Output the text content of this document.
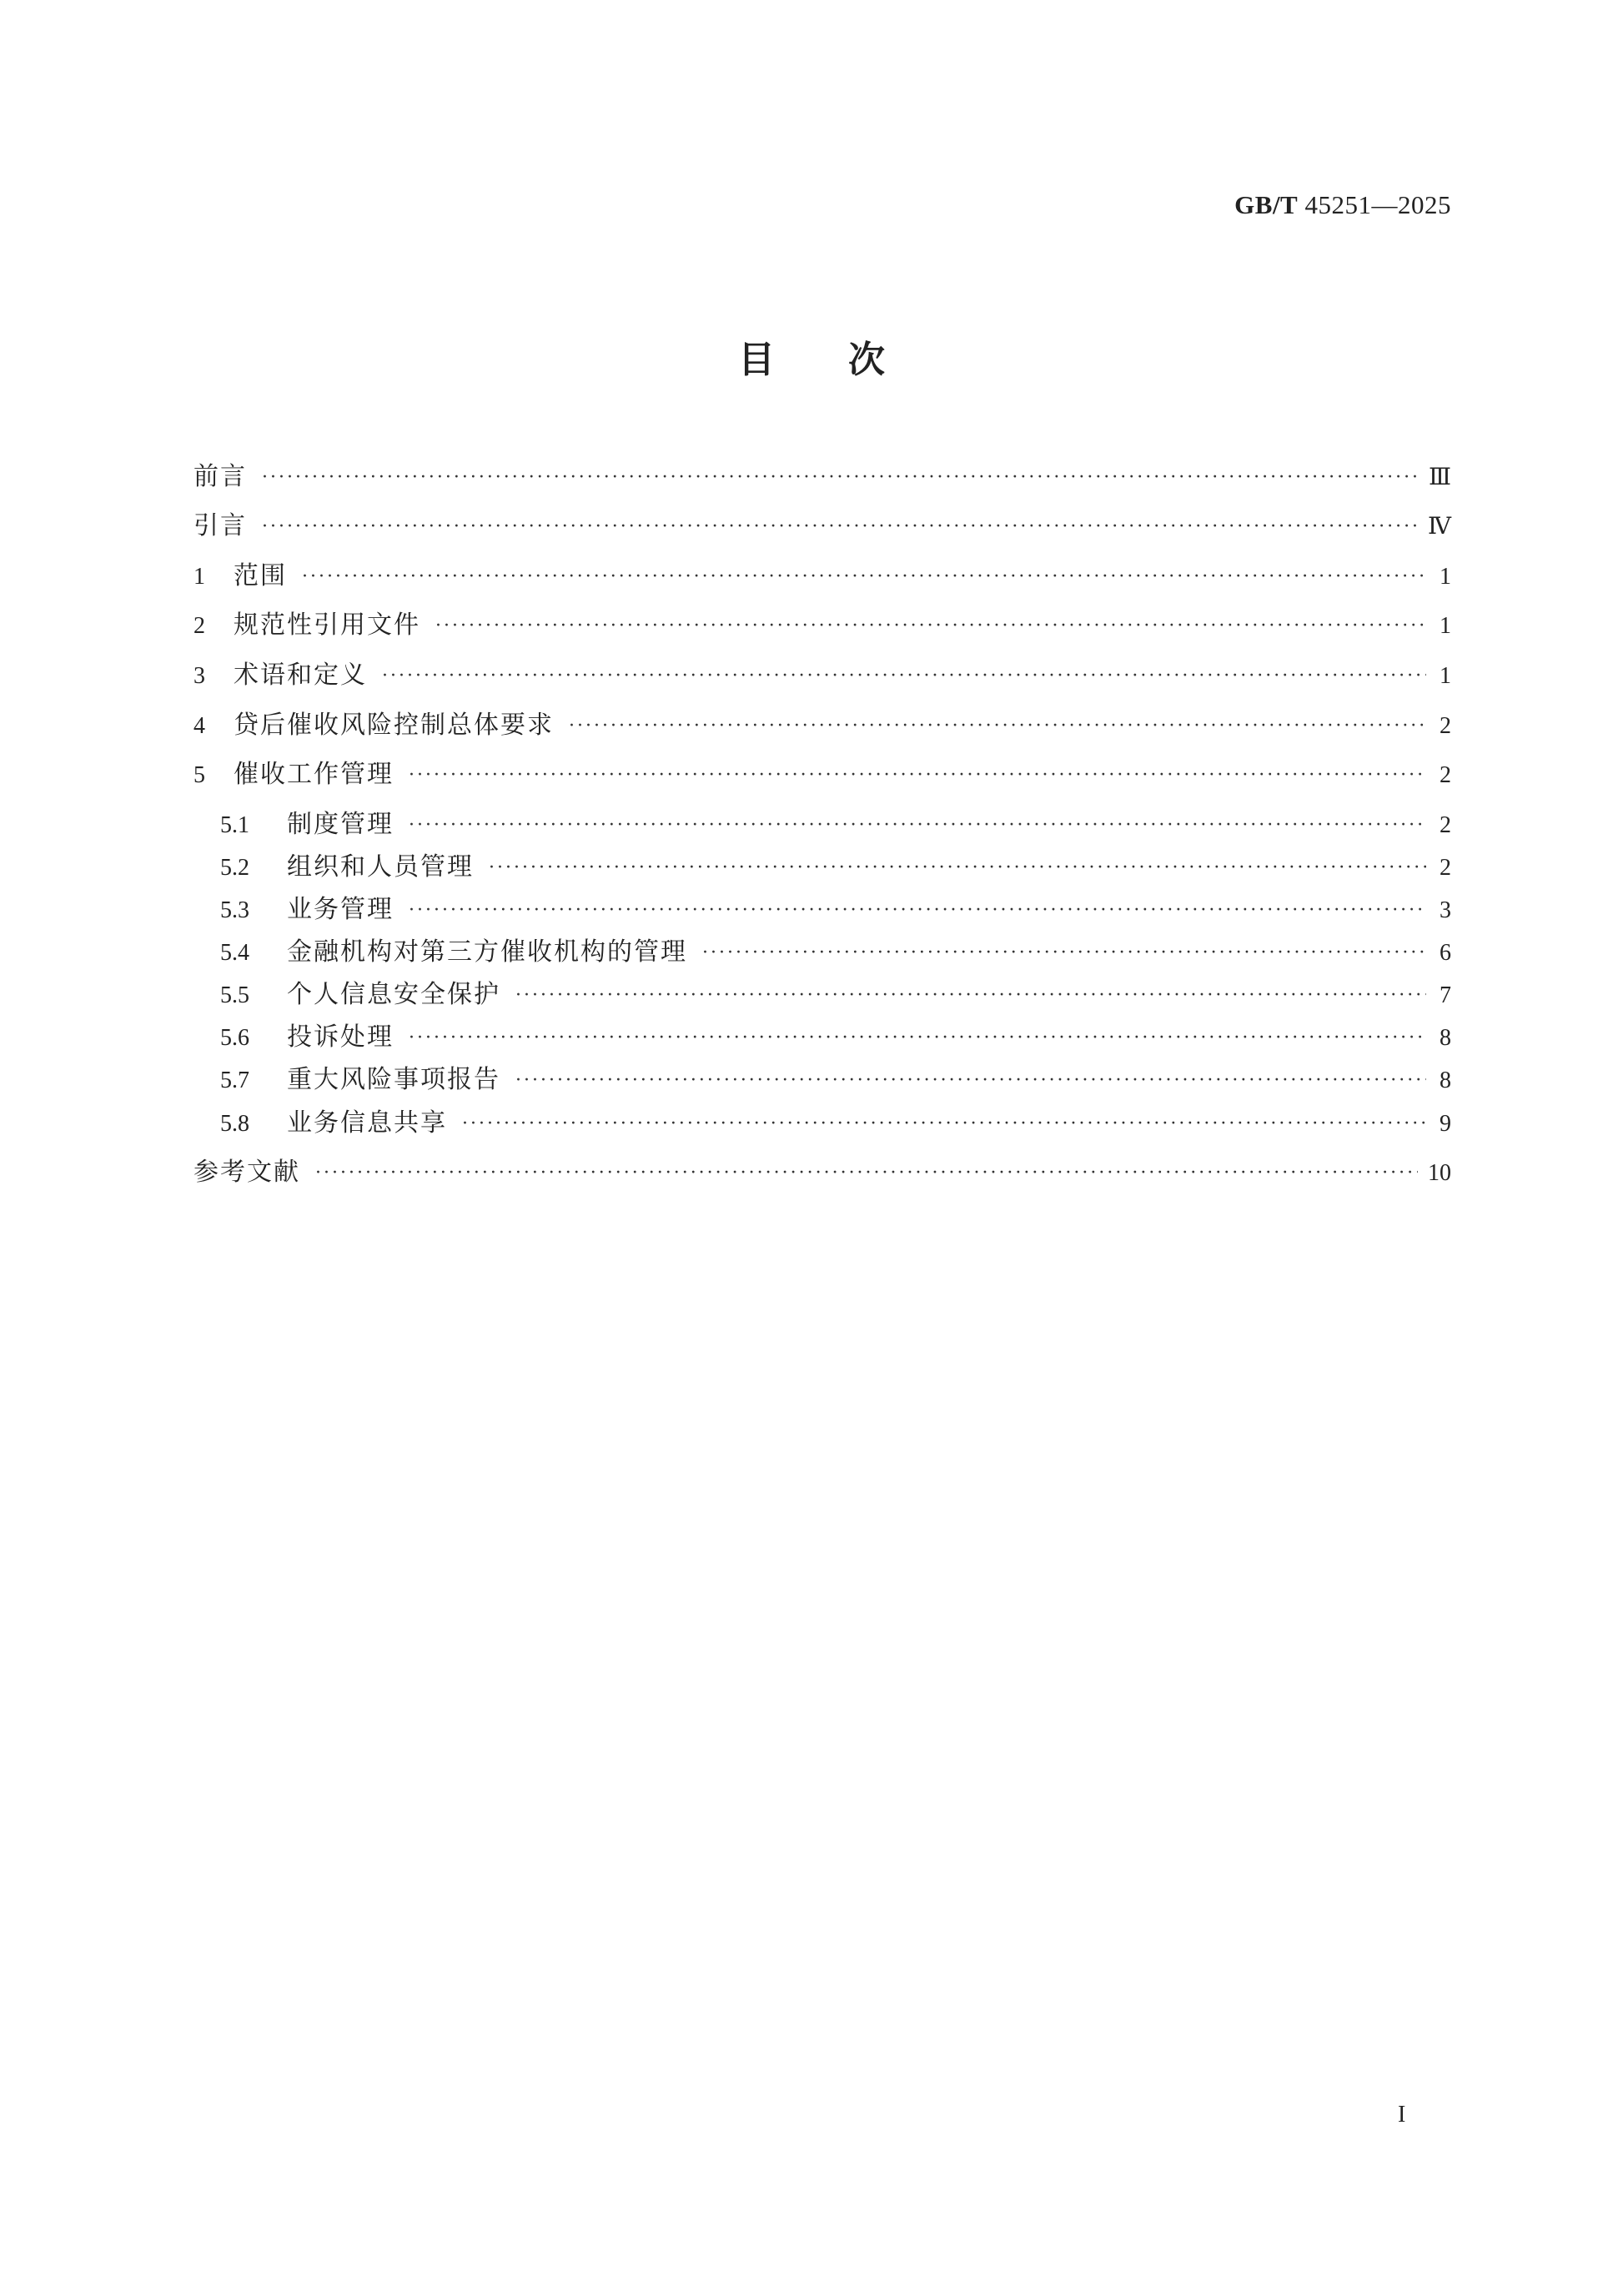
GB/T 45251—2025
目次
前言 ·····	Ⅲ
引言 ·····	Ⅳ
1	范围 ·····	1
2	规范性引用文件 ·····	1
3	术语和定义 ·····	1
4	贷后催收风险控制总体要求 ·····	2
5	催收工作管理 ·····	2
5.1	制度管理 ·····	2
5.2	组织和人员管理 ·····	2
5.3	业务管理 ·····	3
5.4	金融机构对第三方催收机构的管理 ·····	6
5.5	个人信息安全保护 ·····	7
5.6	投诉处理 ·····	8
5.7	重大风险事项报告 ·····	8
5.8	业务信息共享 ·····	9
参考文献 ·····	10
I
